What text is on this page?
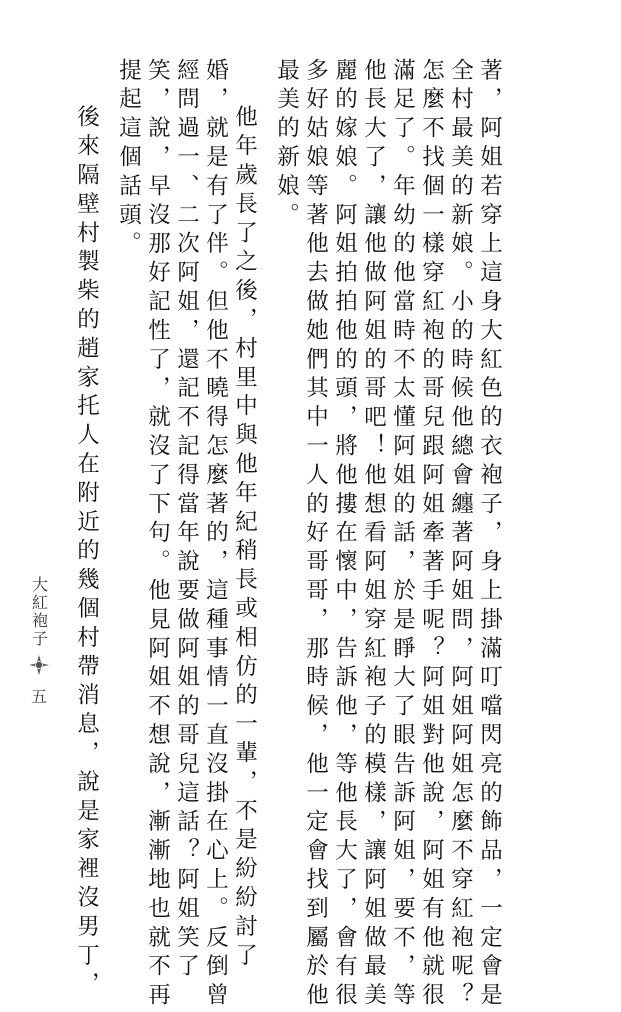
著，阿姐若穿上這身大紅色的衣袍子，身上掛滿叮噹閃亮的飾品，一定會是

全村最美的新娘。小的時候他總會纏著阿姐問，阿姐阿姐怎麼不穿紅袍呢？

怎麼不找個一樣穿紅袍的哥兒跟阿姐牽著手呢？阿姐對他說，阿姐有他就很

滿足了。年幼的他當時不太懂阿姐的話，於是睜大了眼告訴阿姐，要不，等

他長大了，讓他做阿姐的哥吧！他想看阿姐穿紅袍子的模樣，讓阿姐做最美

麗的嫁娘。阿姐拍拍他的頭，將他摟在懷中，告訴他，等他長大了，會有很

多好姑娘等著他去做她們其中一人的好哥哥，那時候，他一定會找到屬於他

最美的新娘。

　他年歲長了之後，村里中與他年紀稍長或相仿的一輩，不是紛紛討了

婚，就是有了伴。但他不曉得怎麼著的，這種事情一直沒掛在心上。反倒曾

經問過一、二次阿姐，還記不記得當年說要做阿姐的哥兒這話？阿姐笑了

笑，說，早沒那好記性了，就沒了下句。他見阿姐不想說，漸漸地也就不再

提起這個話頭。

　後來隔壁村製柴的趙家托人在附近的幾個村帶消息，說是家裡沒男丁，

大紅袍子
五
